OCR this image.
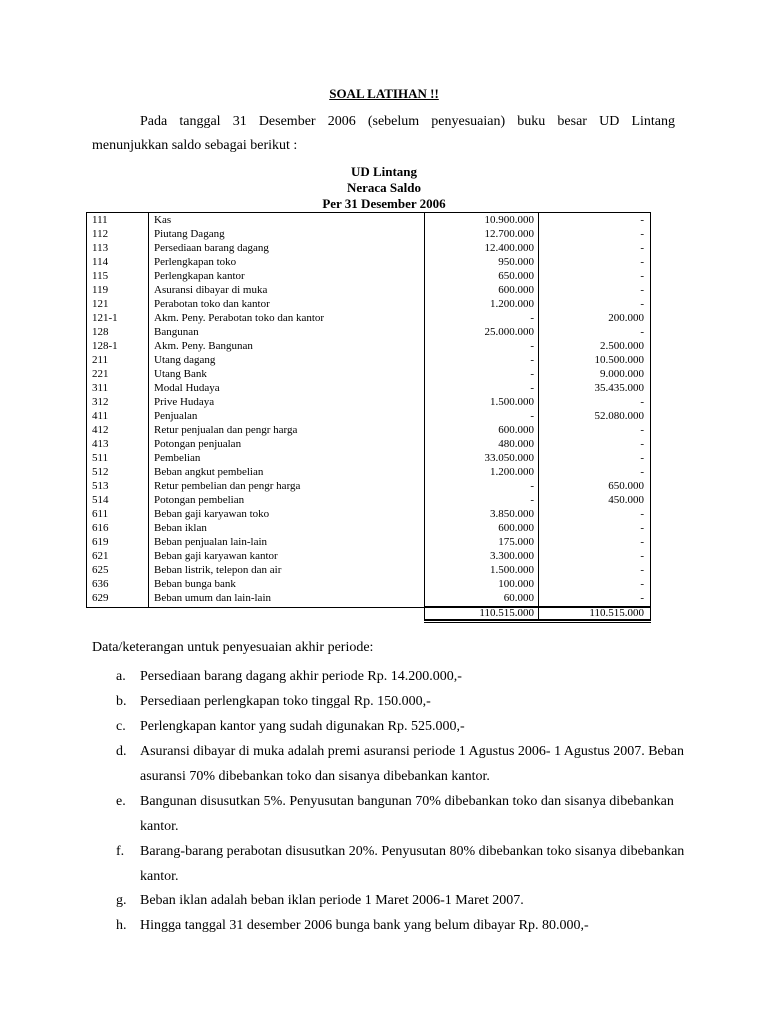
SOAL LATIHAN !!
Pada tanggal 31 Desember 2006 (sebelum penyesuaian) buku besar UD Lintang
menunjukkan saldo sebagai berikut :
UD Lintang
Neraca Saldo
Per 31 Desember 2006
111	Kas	10.900.000	-
112	Piutang Dagang	12.700.000	-
113	Persediaan barang dagang	12.400.000	-
114	Perlengkapan toko	950.000	-
115	Perlengkapan kantor	650.000	-
119	Asuransi dibayar di muka	600.000	-
121	Perabotan toko dan kantor	1.200.000	-
121-1	Akm. Peny. Perabotan toko dan kantor	-	200.000
128	Bangunan	25.000.000	-
128-1	Akm. Peny. Bangunan	-	2.500.000
211	Utang dagang	-	10.500.000
221	Utang Bank	-	9.000.000
311	Modal Hudaya	-	35.435.000
312	Prive Hudaya	1.500.000	-
411	Penjualan	-	52.080.000
412	Retur penjualan dan pengr harga	600.000	-
413	Potongan penjualan	480.000	-
511	Pembelian	33.050.000	-
512	Beban angkut pembelian	1.200.000	-
513	Retur pembelian dan pengr harga	-	650.000
514	Potongan pembelian	-	450.000
611	Beban gaji karyawan toko	3.850.000	-
616	Beban iklan	600.000	-
619	Beban penjualan lain-lain	175.000	-
621	Beban gaji karyawan kantor	3.300.000	-
625	Beban listrik, telepon dan air	1.500.000	-
636	Beban bunga bank	100.000	-
629	Beban umum dan lain-lain	60.000	-
110.515.000	110.515.000
Data/keterangan untuk penyesuaian akhir periode:
a. Persediaan barang dagang akhir periode Rp. 14.200.000,-
b. Persediaan perlengkapan toko tinggal Rp. 150.000,-
c. Perlengkapan kantor yang sudah digunakan Rp. 525.000,-
d. Asuransi dibayar di muka adalah premi asuransi periode 1 Agustus 2006- 1 Agustus 2007. Beban asuransi 70% dibebankan toko dan sisanya dibebankan kantor.
e. Bangunan disusutkan 5%. Penyusutan bangunan 70% dibebankan toko dan sisanya dibebankan kantor.
f. Barang-barang perabotan disusutkan 20%. Penyusutan 80% dibebankan toko sisanya dibebankan kantor.
g. Beban iklan adalah beban iklan periode 1 Maret 2006-1 Maret 2007.
h. Hingga tanggal 31 desember 2006 bunga bank yang belum dibayar Rp. 80.000,-
